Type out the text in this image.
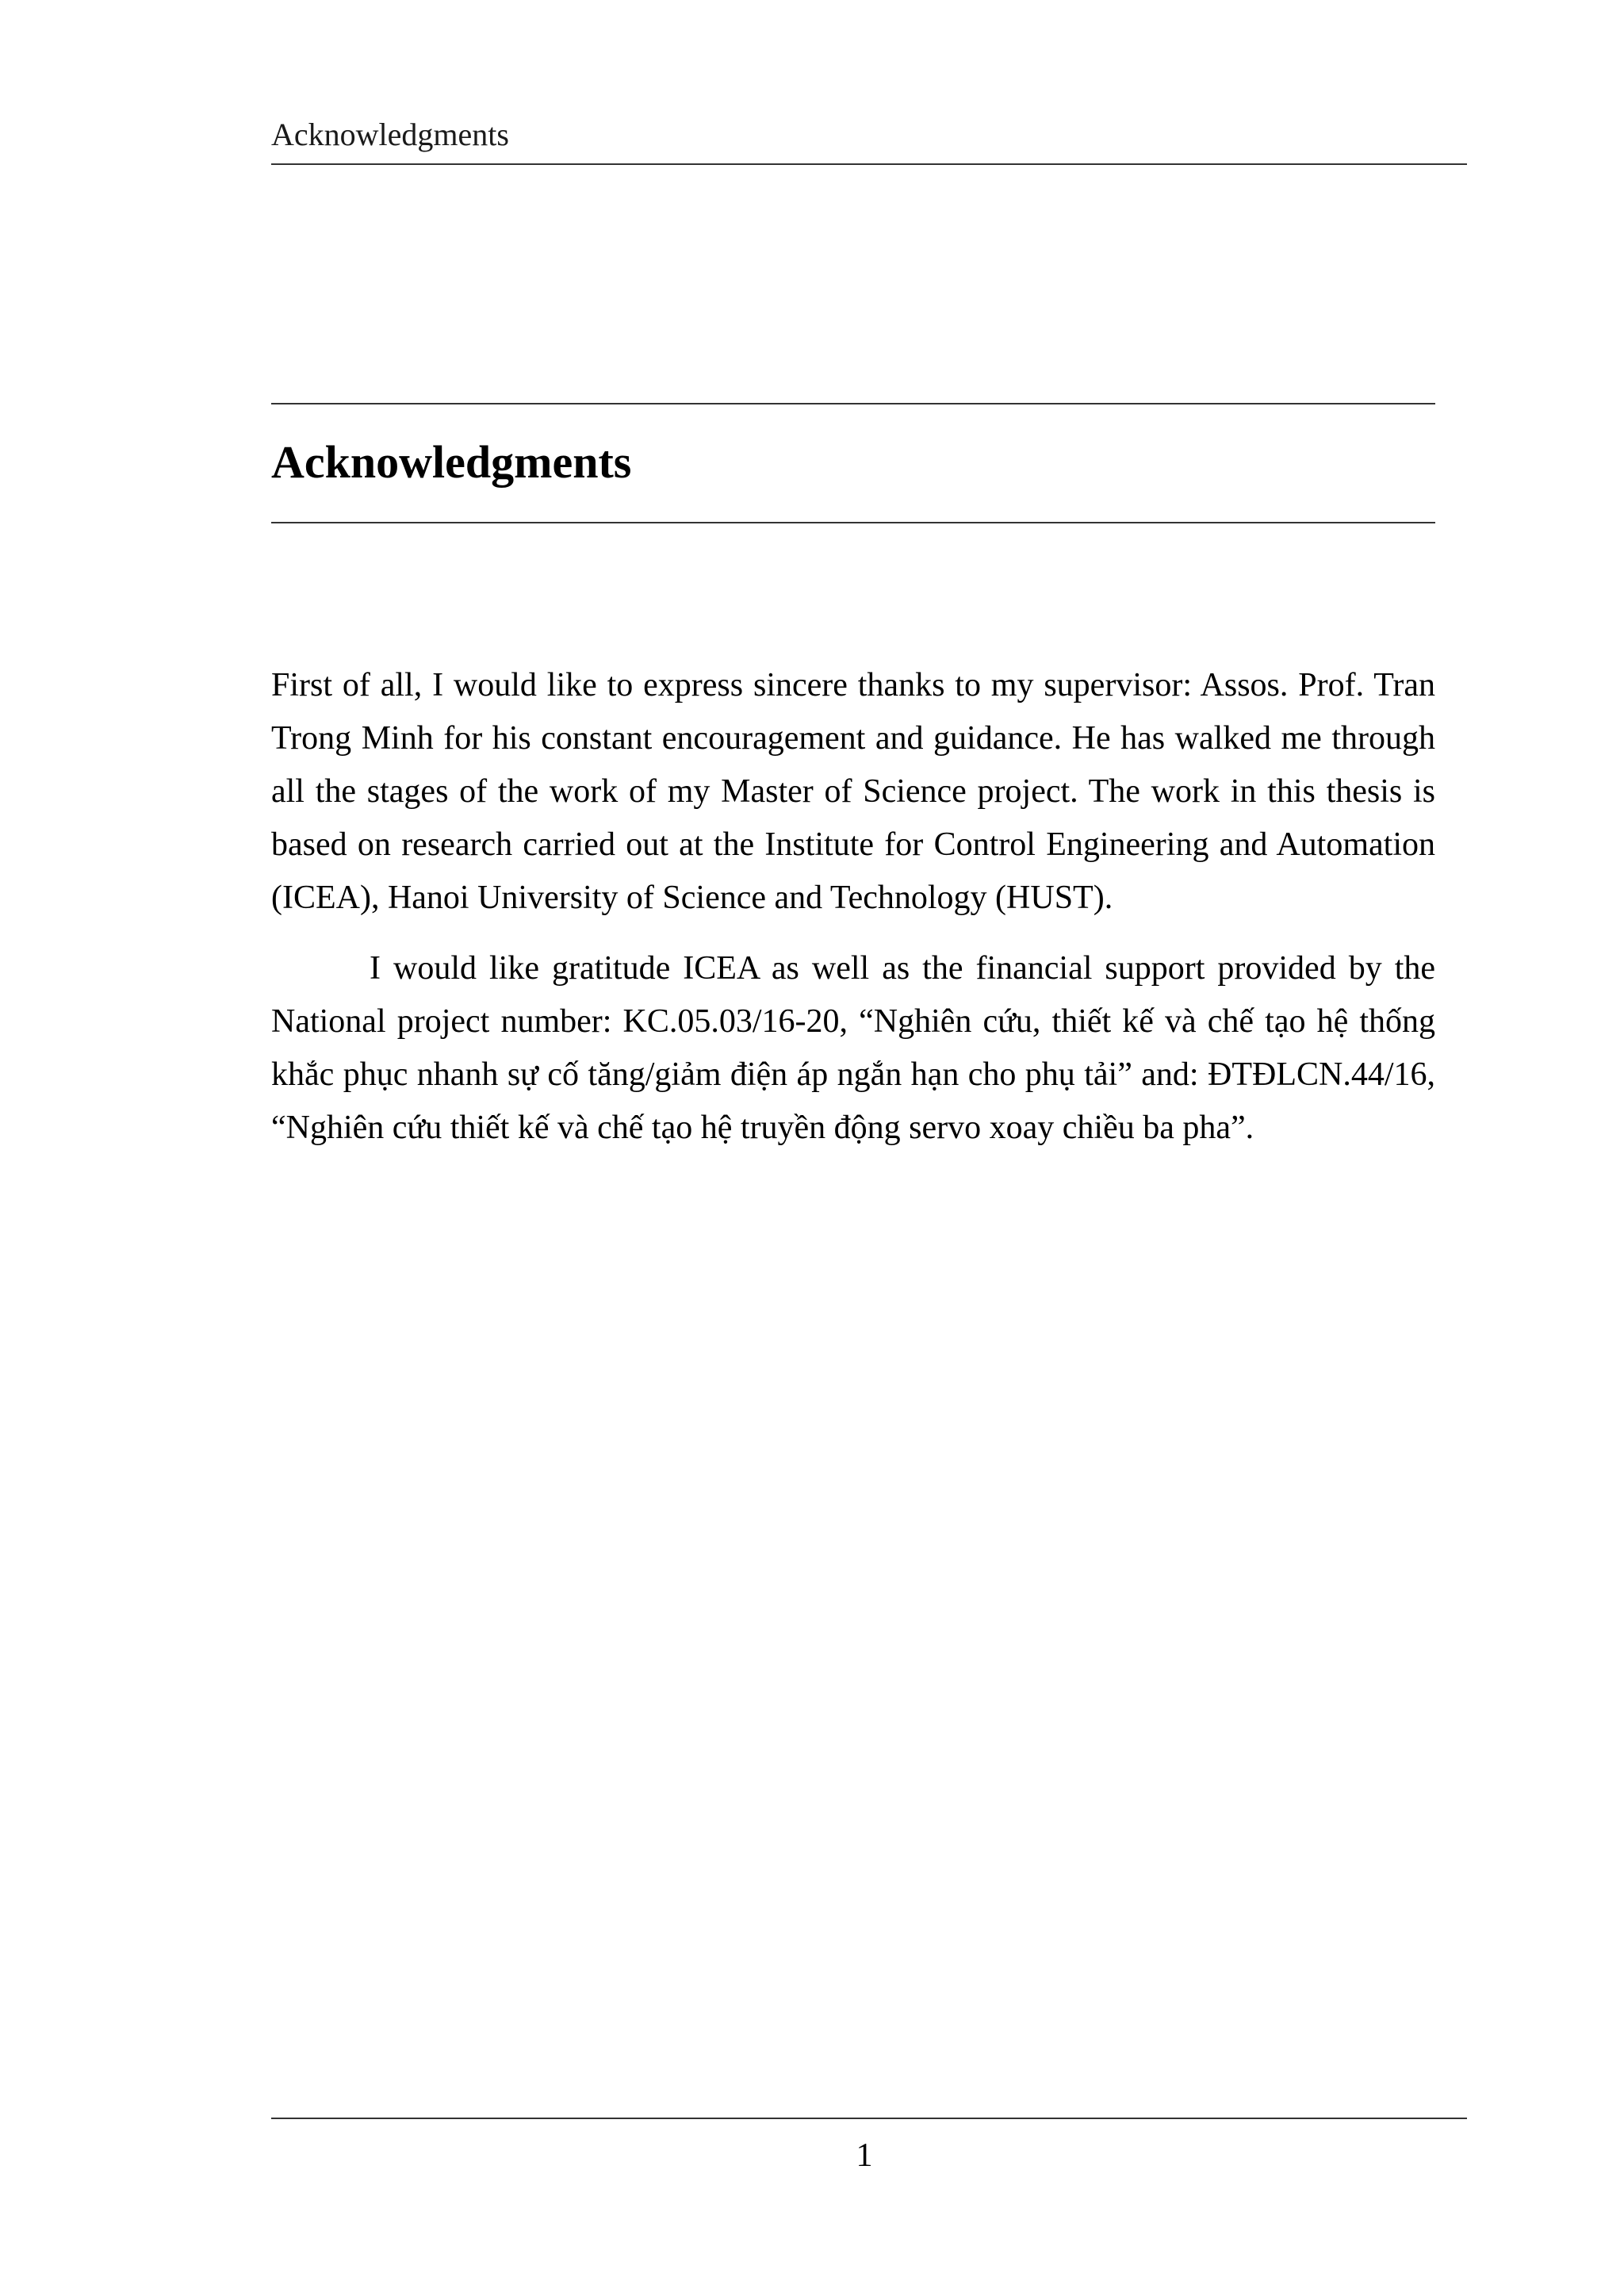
Acknowledgments
Acknowledgments

First of all, I would like to express sincere thanks to my supervisor: Assos. Prof. Tran Trong Minh for his constant encouragement and guidance. He has walked me through all the stages of the work of my Master of Science project. The work in this thesis is based on research carried out at the Institute for Control Engineering and Automation (ICEA), Hanoi University of Science and Technology (HUST).

I would like gratitude ICEA as well as the financial support provided by the National project number: KC.05.03/16-20, “Nghiên cứu, thiết kế và chế tạo hệ thống khắc phục nhanh sự cố tăng/giảm điện áp ngắn hạn cho phụ tải” and: ĐTĐLCN.44/16, “Nghiên cứu thiết kế và chế tạo hệ truyền động servo xoay chiều ba pha”.

1
